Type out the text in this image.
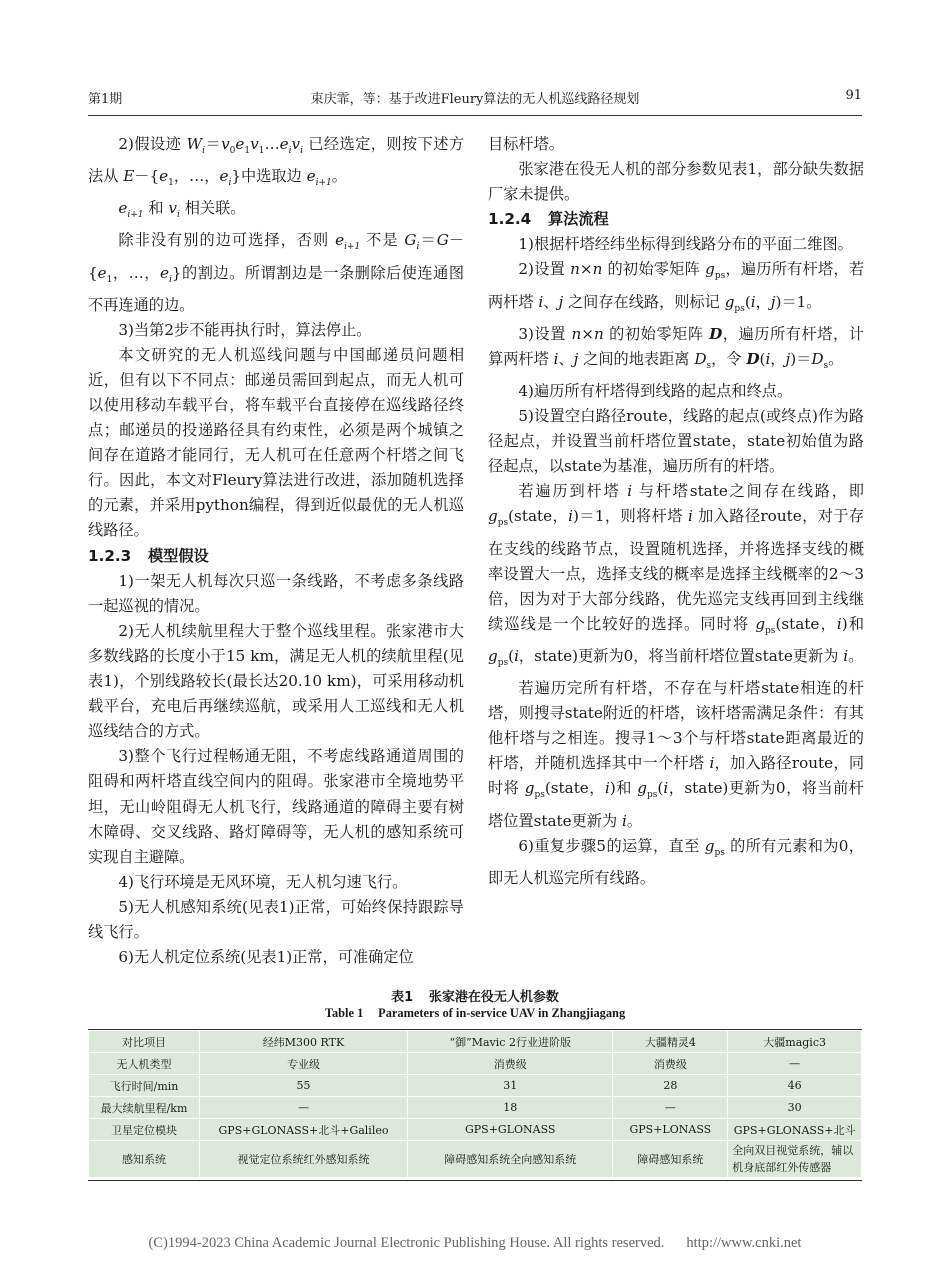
第1期	束庆霏，等：基于改进Fleury算法的无人机巡线路径规划	91

2)假设迹 $W_i=v_0e_1v_1\dots e_iv_i$ 已经选定，则按下述方法从 $E-\{e_1$，…，$e_i$}中选取边 $e_{i+1}$。

$e_{i+1}$ 和 $v_i$ 相关联。

除非没有别的边可选择，否则 $e_{i+1}$ 不是 $G_i=G-\{e_1$，…，$e_i$}的割边。所谓割边是一条删除后使连通图不再连通的边。

3)当第2步不能再执行时，算法停止。

本文研究的无人机巡线问题与中国邮递员问题相近，但有以下不同点：邮递员需回到起点，而无人机可以使用移动车载平台，将车载平台直接停在巡线路径终点；邮递员的投递路径具有约束性，必须是两个城镇之间存在道路才能同行，无人机可在任意两个杆塔之间飞行。因此，本文对Fleury算法进行改进，添加随机选择的元素，并采用python编程，得到近似最优的无人机巡线路径。

1.2.3 模型假设

1)一架无人机每次只巡一条线路，不考虑多条线路一起巡视的情况。

2)无人机续航里程大于整个巡线里程。张家港市大多数线路的长度小于15 km，满足无人机的续航里程(见表1)，个别线路较长(最长达20.10 km)，可采用移动机载平台，充电后再继续巡航，或采用人工巡线和无人机巡线结合的方式。

3)整个飞行过程畅通无阻，不考虑线路通道周围的阻碍和两杆塔直线空间内的阻碍。张家港市全境地势平坦，无山岭阻碍无人机飞行，线路通道的障碍主要有树木障碍、交叉线路、路灯障碍等，无人机的感知系统可实现自主避障。

4)飞行环境是无风环境，无人机匀速飞行。

5)无人机感知系统(见表1)正常，可始终保持跟踪导线飞行。

6)无人机定位系统(见表1)正常，可准确定位

目标杆塔。

张家港在役无人机的部分参数见表1，部分缺失数据厂家未提供。

1.2.4 算法流程

1)根据杆塔经纬坐标得到线路分布的平面二维图。

2)设置 n×n 的初始零矩阵 $g_{ps}$，遍历所有杆塔，若两杆塔 i、j 之间存在线路，则标记 $g_{ps}(i$，j)＝1。

3)设置 n×n 的初始零矩阵 D，遍历所有杆塔，计算两杆塔 i、j 之间的地表距离 $D_s$，令 D(i，$j)=D_s$。

4)遍历所有杆塔得到线路的起点和终点。

5)设置空白路径route，线路的起点(或终点)作为路径起点，并设置当前杆塔位置state，state初始值为路径起点，以state为基准，遍历所有的杆塔。

若遍历到杆塔 i 与杆塔state之间存在线路，即 $g_{ps}(state$，i)＝1，则将杆塔 i 加入路径route，对于存在支线的线路节点，设置随机选择，并将选择支线的概率设置大一点，选择支线的概率是选择主线概率的2～3倍，因为对于大部分线路，优先巡完支线再回到主线继续巡线是一个比较好的选择。同时将 $g_{ps}(state$，i)和 $g_{ps}(i$，state)更新为0，将当前杆塔位置state更新为 i。

若遍历完所有杆塔，不存在与杆塔state相连的杆塔，则搜寻state附近的杆塔，该杆塔需满足条件：有其他杆塔与之相连。搜寻1～3个与杆塔state距离最近的杆塔，并随机选择其中一个杆塔 i，加入路径route，同时将 $g_{ps}(state$，i)和 $g_{ps}(i$，state)更新为0，将当前杆塔位置state更新为 i。

6)重复步骤5的运算，直至 $g_{ps}$ 的所有元素和为0，即无人机巡完所有线路。

表1 张家港在役无人机参数
Table 1 Parameters of in-service UAV in Zhangjiagang
对比项目	经纬M300 RTK	“御”Mavic 2行业进阶版	大疆精灵4	大疆magic3
无人机类型	专业级	消费级	消费级	—
飞行时间/min	55	31	28	46
最大续航里程/km	—	18	—	30
卫星定位模块	GPS+GLONASS+北斗+Galileo	GPS+GLONASS	GPS+LONASS	GPS+GLONASS+北斗
感知系统	视觉定位系统红外感知系统	障碍感知系统全向感知系统	障碍感知系统	全向双目视觉系统，辅以机身底部红外传感器
(C)1994-2023 China Academic Journal Electronic Publishing House. All rights reserved. http://www.cnki.net
